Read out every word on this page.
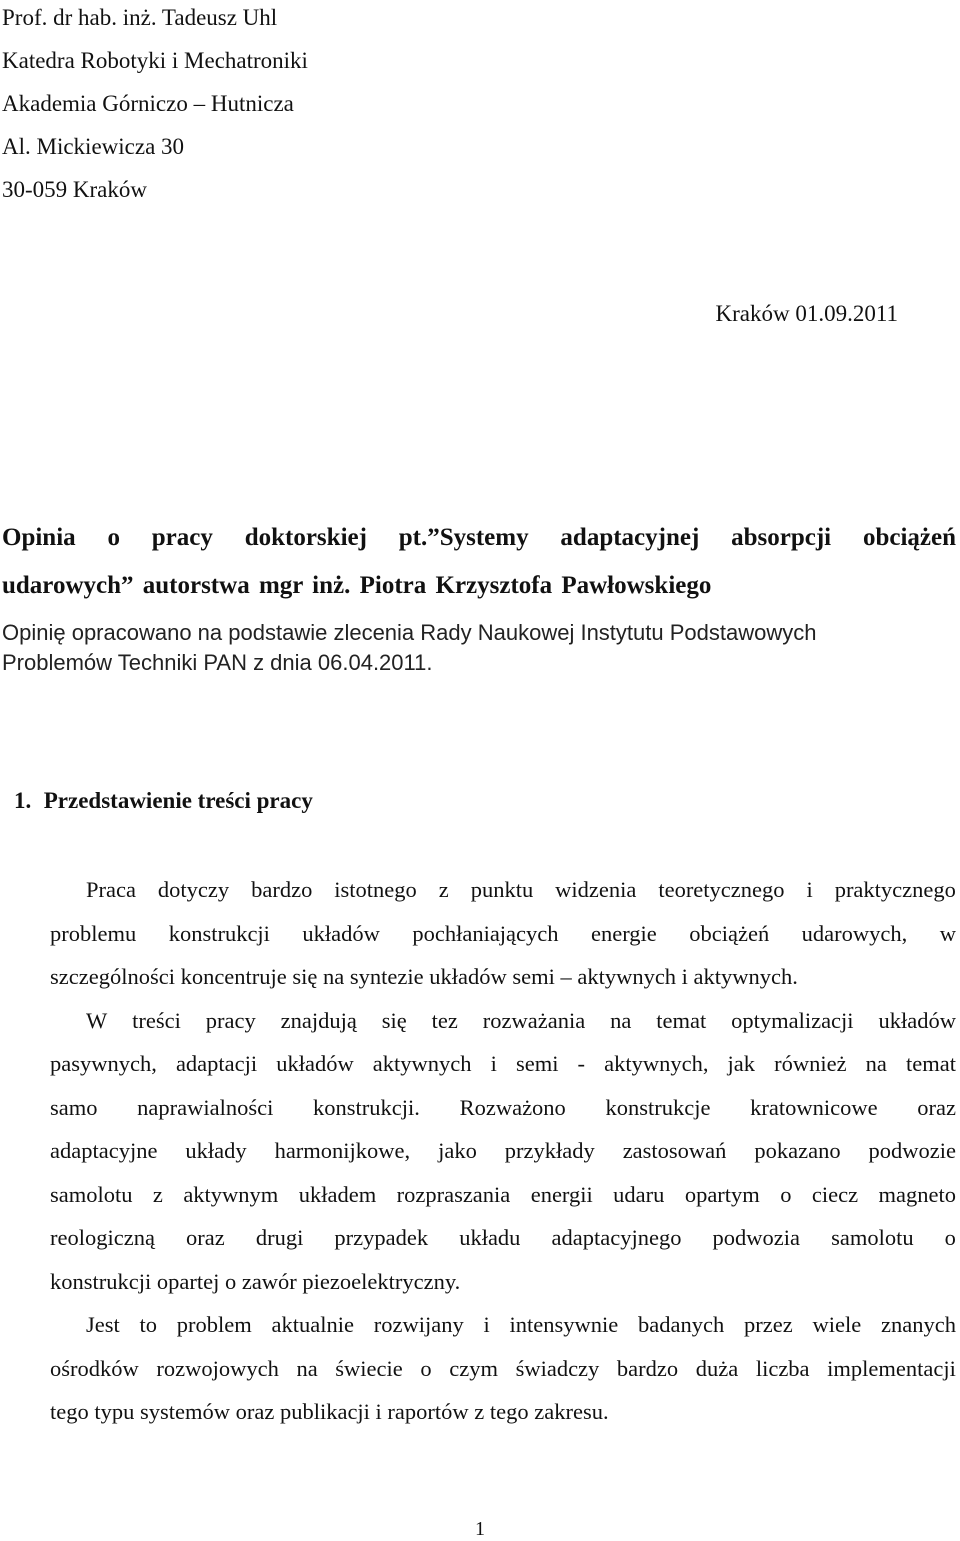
Prof. dr hab. inż. Tadeusz Uhl
Katedra Robotyki i Mechatroniki
Akademia Górniczo – Hutnicza
Al. Mickiewicza 30
30-059 Kraków
Kraków 01.09.2011
Opinia o pracy doktorskiej pt.”Systemy adaptacyjnej absorpcji obciążeń
udarowych” autorstwa mgr inż. Piotra Krzysztofa Pawłowskiego
Opinię opracowano na podstawie zlecenia Rady Naukowej Instytutu Podstawowych
Problemów Techniki PAN z dnia 06.04.2011.
1. Przedstawienie treści pracy
Praca dotyczy bardzo istotnego z punktu widzenia teoretycznego i praktycznego
problemu konstrukcji układów pochłaniających energie obciążeń udarowych, w
szczególności koncentruje się na syntezie układów semi – aktywnych i aktywnych.
W treści pracy znajdują się tez rozważania na temat optymalizacji układów
pasywnych, adaptacji układów aktywnych i semi - aktywnych, jak również na temat
samo naprawialności konstrukcji. Rozważono konstrukcje kratownicowe oraz
adaptacyjne układy harmonijkowe, jako przykłady zastosowań pokazano podwozie
samolotu z aktywnym układem rozpraszania energii udaru opartym o ciecz magneto
reologiczną oraz drugi przypadek układu adaptacyjnego podwozia samolotu o
konstrukcji opartej o zawór piezoelektryczny.
Jest to problem aktualnie rozwijany i intensywnie badanych przez wiele znanych
ośrodków rozwojowych na świecie o czym świadczy bardzo duża liczba implementacji
tego typu systemów oraz publikacji i raportów z tego zakresu.
1
